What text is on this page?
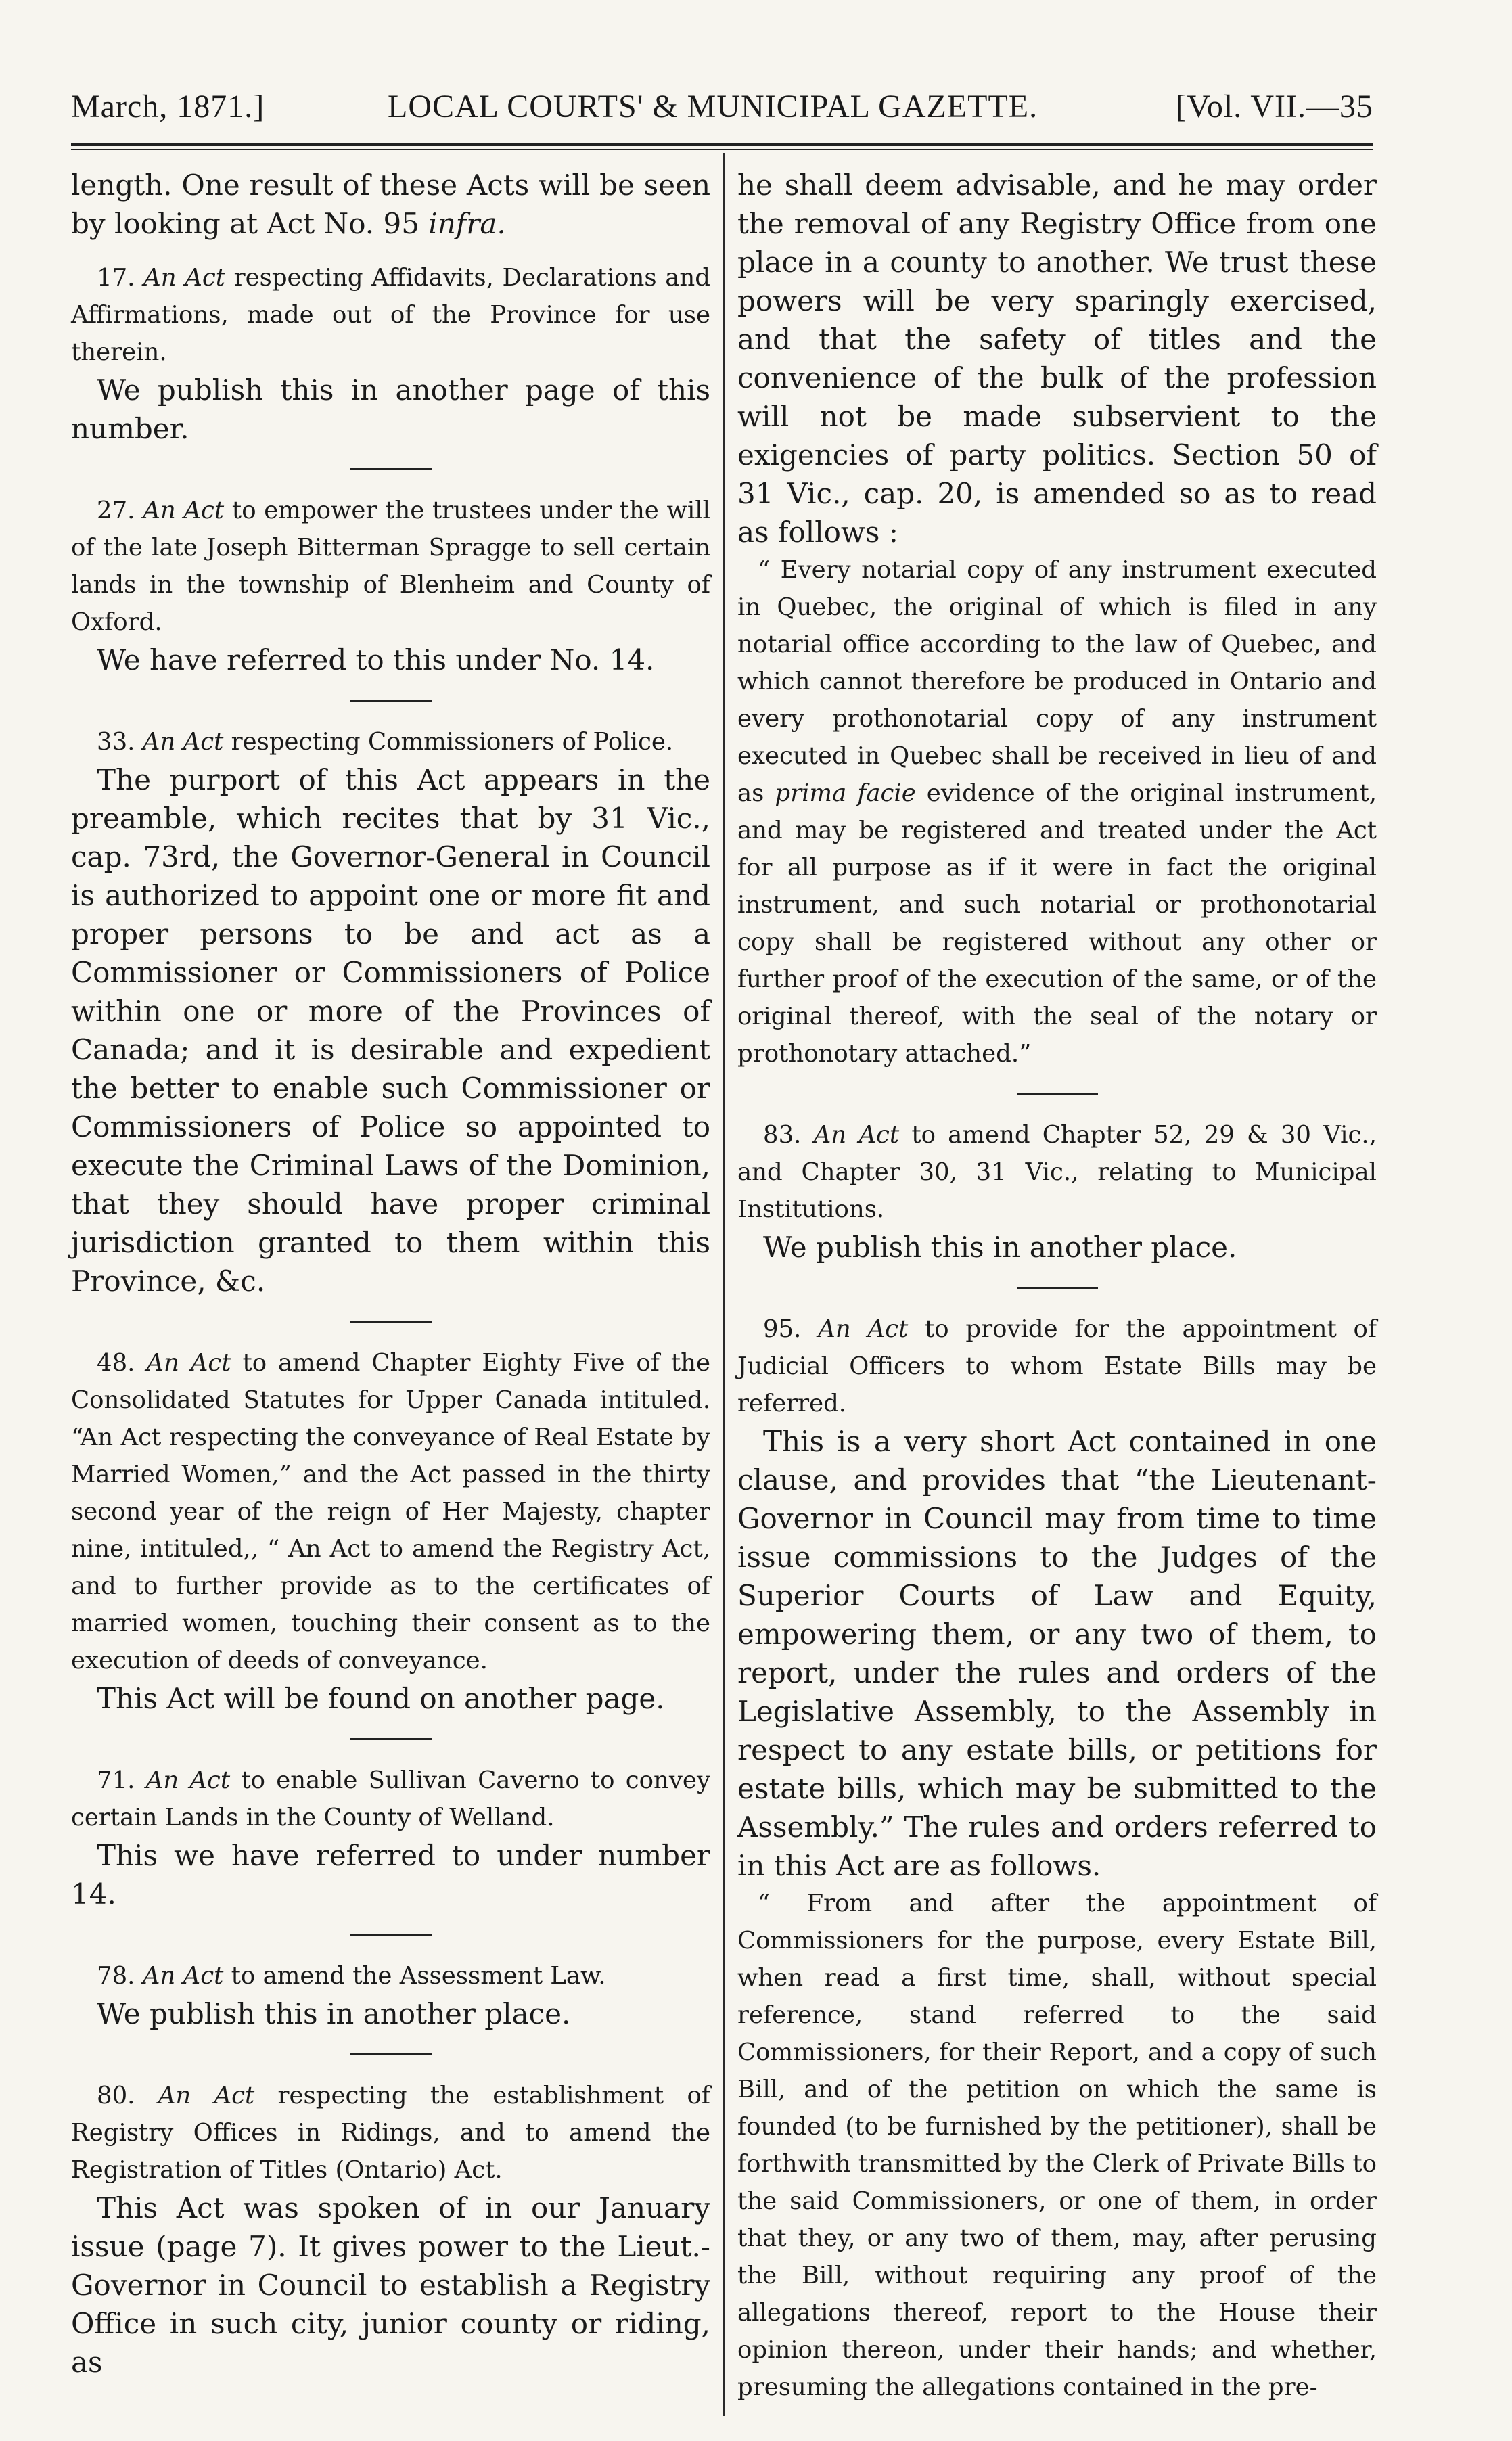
March, 1871.]	LOCAL COURTS' & MUNICIPAL GAZETTE.	[Vol. VII.—35

length. One result of these Acts will be seen by looking at Act No. 95 infra.

17. An Act respecting Affidavits, Declarations and Affirmations, made out of the Province for use therein.

We publish this in another page of this number.

27. An Act to empower the trustees under the will of the late Joseph Bitterman Spragge to sell certain lands in the township of Blenheim and County of Oxford.

We have referred to this under No. 14.

33. An Act respecting Commissioners of Police.

The purport of this Act appears in the preamble, which recites that by 31 Vic., cap. 73rd, the Governor-General in Council is authorized to appoint one or more fit and proper persons to be and act as a Commissioner or Commissioners of Police within one or more of the Provinces of Canada; and it is desirable and expedient the better to enable such Commissioner or Commissioners of Police so appointed to execute the Criminal Laws of the Dominion, that they should have proper criminal jurisdiction granted to them within this Province, &c.

48. An Act to amend Chapter Eighty Five of the Consolidated Statutes for Upper Canada intituled. “An Act respecting the conveyance of Real Estate by Married Women,” and the Act passed in the thirty second year of the reign of Her Majesty, chapter nine, intituled,, “ An Act to amend the Registry Act, and to further provide as to the certificates of married women, touching their consent as to the execution of deeds of conveyance.

This Act will be found on another page.

71. An Act to enable Sullivan Caverno to convey certain Lands in the County of Welland.

This we have referred to under number 14.

78. An Act to amend the Assessment Law.

We publish this in another place.

80. An Act respecting the establishment of Registry Offices in Ridings, and to amend the Registration of Titles (Ontario) Act.

This Act was spoken of in our January issue (page 7). It gives power to the Lieut.-Governor in Council to establish a Registry Office in such city, junior county or riding, as

he shall deem advisable, and he may order the removal of any Registry Office from one place in a county to another. We trust these powers will be very sparingly exercised, and that the safety of titles and the convenience of the bulk of the profession will not be made subservient to the exigencies of party politics. Section 50 of 31 Vic., cap. 20, is amended so as to read as follows :

“ Every notarial copy of any instrument executed in Quebec, the original of which is filed in any notarial office according to the law of Quebec, and which cannot therefore be produced in Ontario and every prothonotarial copy of any instrument executed in Quebec shall be received in lieu of and as prima facie evidence of the original instrument, and may be registered and treated under the Act for all purpose as if it were in fact the original instrument, and such notarial or prothonotarial copy shall be registered without any other or further proof of the execution of the same, or of the original thereof, with the seal of the notary or prothonotary attached.”

83. An Act to amend Chapter 52, 29 & 30 Vic., and Chapter 30, 31 Vic., relating to Municipal Institutions.

We publish this in another place.

95. An Act to provide for the appointment of Judicial Officers to whom Estate Bills may be referred.

This is a very short Act contained in one clause, and provides that “the Lieutenant-Governor in Council may from time to time issue commissions to the Judges of the Superior Courts of Law and Equity, empowering them, or any two of them, to report, under the rules and orders of the Legislative Assembly, to the Assembly in respect to any estate bills, or petitions for estate bills, which may be submitted to the Assembly.” The rules and orders referred to in this Act are as follows.

“ From and after the appointment of Commissioners for the purpose, every Estate Bill, when read a first time, shall, without special reference, stand referred to the said Commissioners, for their Report, and a copy of such Bill, and of the petition on which the same is founded (to be furnished by the petitioner), shall be forthwith transmitted by the Clerk of Private Bills to the said Commissioners, or one of them, in order that they, or any two of them, may, after perusing the Bill, without requiring any proof of the allegations thereof, report to the House their opinion thereon, under their hands; and whether, presuming the allegations contained in the pre-
